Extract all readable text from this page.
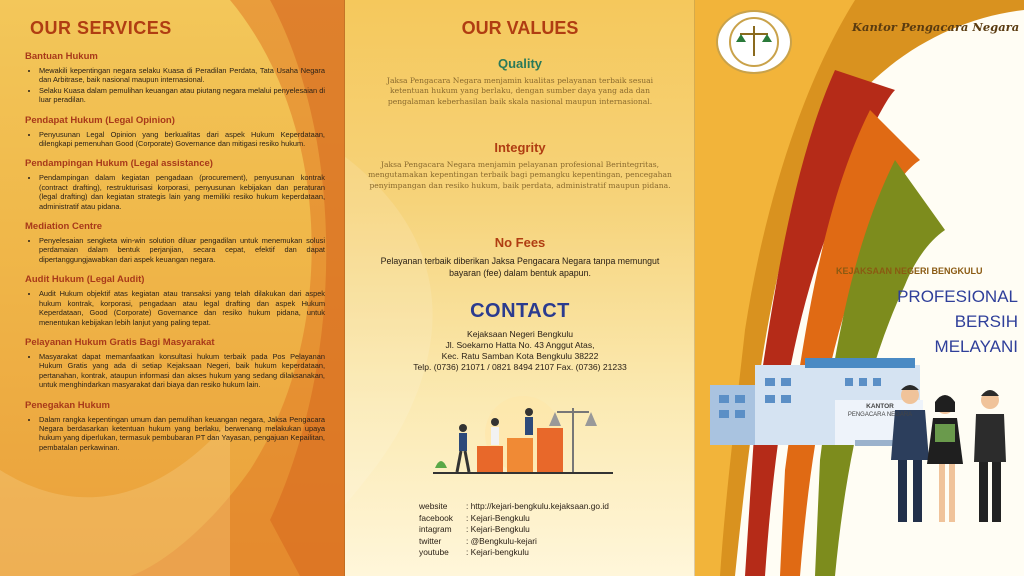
OUR SERVICES
Bantuan Hukum
• Mewakili kepentingan negara selaku Kuasa di Peradilan Perdata, Tata Usaha Negara dan Arbitrase, baik nasional maupun internasional.
• Selaku Kuasa dalam pemulihan keuangan atau piutang negara melalui penyelesaian di luar peradilan.
Pendapat Hukum (Legal Opinion)
• Penyusunan Legal Opinion yang berkualitas dari aspek Hukum Keperdataan, dilengkapi pemenuhan Good (Corporate) Governance dan mitigasi resiko hukum.
Pendampingan Hukum (Legal assistance)
• Pendampingan dalam kegiatan pengadaan (procurement), penyusunan kontrak (contract drafting), restrukturisasi korporasi, penyusunan kebijakan dan peraturan (legal drafting) dan kegiatan strategis lain yang memiliki resiko hukum keperdataan, administratif atau pidana.
Mediation Centre
• Penyelesaian sengketa win-win solution diluar pengadilan untuk menemukan solusi perdamaian dalam bentuk perjanjian, secara cepat, efektif dan dapat dipertanggungjawabkan dari aspek keuangan negara.
Audit Hukum (Legal Audit)
• Audit Hukum objektif atas kegiatan atau transaksi yang telah dilakukan dari aspek hukum kontrak, korporasi, pengadaan atau legal drafting dan aspek Hukum Keperdataan, Good (Corporate) Governance dan resiko hukum pidana, untuk menentukan kebijakan lebih lanjut yang paling tepat.
Pelayanan Hukum Gratis Bagi Masyarakat
• Masyarakat dapat memanfaatkan konsultasi hukum terbaik pada Pos Pelayanan Hukum Gratis yang ada di setiap Kejaksaan Negeri, baik hukum keperdataan, pertanahan, kontrak, ataupun informasi dan akses hukum yang sedang dilaksanakan, untuk menghindarkan masyarakat dari biaya dan resiko hukum lain.
Penegakan Hukum
• Dalam rangka kepentingan umum dan pemulihan keuangan negara, Jaksa Pengacara Negara berdasarkan ketentuan hukum yang berlaku, berwenang melakukan upaya hukum yang diperlukan, termasuk pembubaran PT dan Yayasan, pengajuan Kepailitan, pembatalan perkawinan.
OUR VALUES
Quality

Jaksa Pengacara Negara menjamin kualitas pelayanan terbaik sesuai ketentuan hukum yang berlaku, dengan sumber daya yang ada dan pengalaman keberhasilan baik skala nasional maupun internasional.

Integrity

Jaksa Pengacara Negara menjamin pelayanan profesional Berintegritas, mengutamakan kepentingan terbaik bagi pemangku kepentingan, pencegahan penyimpangan dan resiko hukum, baik perdata, administratif maupun pidana.

No Fees

Pelayanan terbaik diberikan Jaksa Pengacara Negara tanpa memungut bayaran (fee) dalam bentuk apapun.

CONTACT
Kejaksaan Negeri Bengkulu
Jl. Soekarno Hatta No. 43 Anggut Atas,
Kec. Ratu Samban Kota Bengkulu 38222
Telp. (0736) 21071 / 0821 8494 2107 Fax. (0736) 21233
website	: http://kejari-bengkulu.kejaksaan.go.id
facebook	: Kejari-Bengkulu
intagram	: Kejari-Bengkulu
twitter	: @Bengkulu-kejari
youtube	: Kejari-bengkulu
Kantor Pengacara Negara
KANTOR
PENGACARA NEGARA
KEJAKSAAN NEGERI BENGKULU
PROFESIONAL
BERSIH
MELAYANI
